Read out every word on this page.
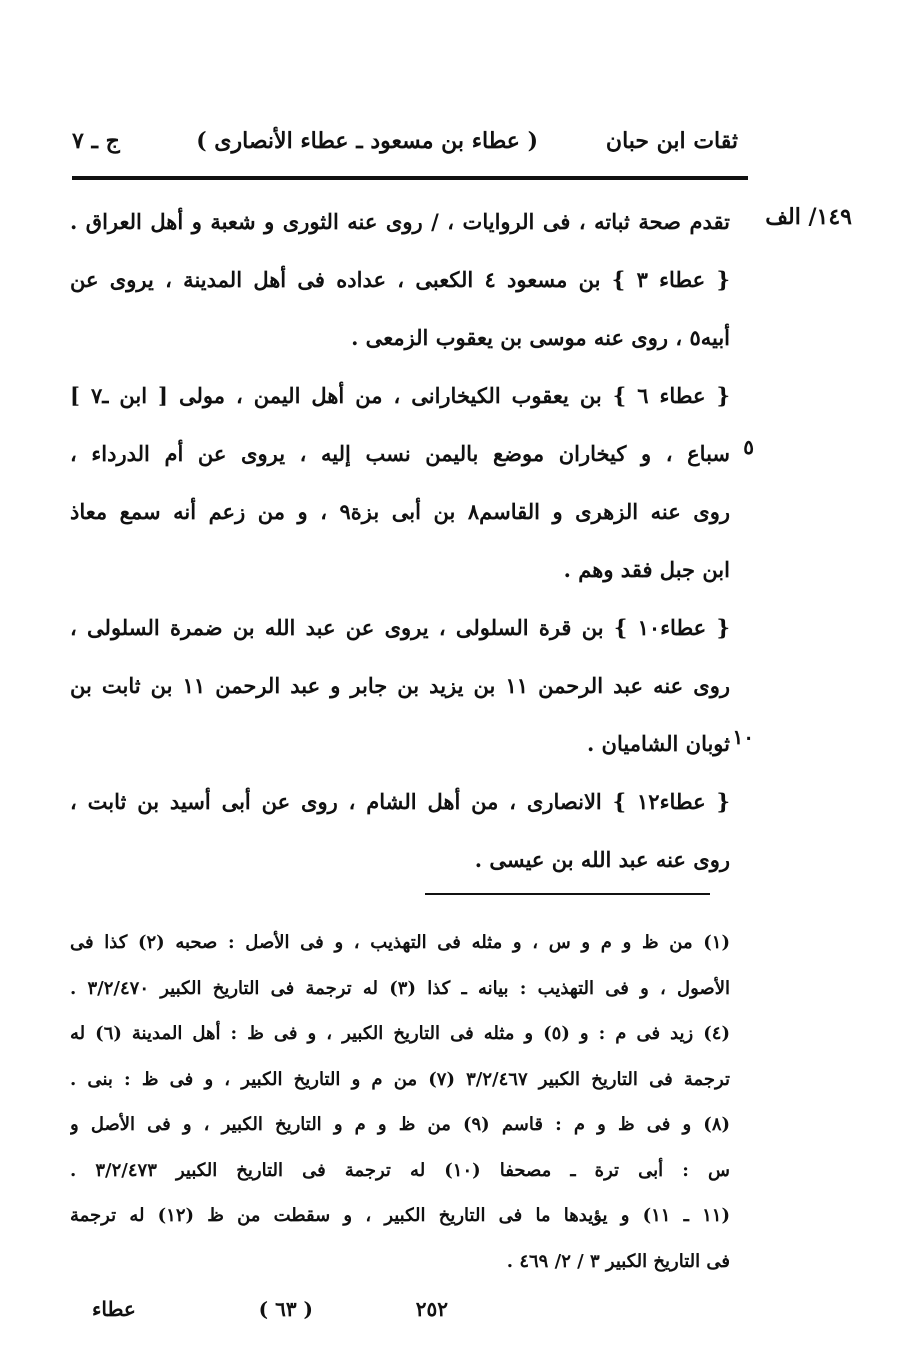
ثقات ابن حبان
( عطاء بن مسعود ـ عطاء الأنصارى )
ج ـ ٧
١٤٩/ الف
٥
١٠
تقدم صحة ثباته ، فى الروايات ، / روى عنه الثورى و شعبة و أهل العراق .
{ عطاء ٣ } بن مسعود ٤ الكعبى ، عداده فى أهل المدينة ، يروى عن
أبيه٥ ، روى عنه موسى بن يعقوب الزمعى .
{ عطاء ٦ } بن يعقوب الكيخارانى ، من أهل اليمن ، مولى [ ابن ـ٧ ]
سباع ، و كيخاران موضع باليمن نسب إليه ، يروى عن أم الدرداء ،
روى عنه الزهرى و القاسم٨ بن أبى بزة٩ ، و من زعم أنه سمع معاذ
ابن جبل فقد وهم .
{ عطاء١٠ } بن قرة السلولى ، يروى عن عبد الله بن ضمرة السلولى ،
روى عنه عبد الرحمن ١١ بن يزيد بن جابر و عبد الرحمن ١١ بن ثابت بن
ثوبان الشاميان .
{ عطاء١٢ } الانصارى ، من أهل الشام ، روى عن أبى أسيد بن ثابت ،
روى عنه عبد الله بن عيسى .
(١) من ظ و م و س ، و مثله فى التهذيب ، و فى الأصل : صحبه (٢) كذا فى
الأصول ، و فى التهذيب : بيانه ـ كذا (٣) له ترجمة فى التاريخ الكبير ٣/٢/٤٧٠ .
(٤) زيد فى م : و (٥) و مثله فى التاريخ الكبير ، و فى ظ : أهل المدينة (٦) له
ترجمة فى التاريخ الكبير ٣/٢/٤٦٧ (٧) من م و التاريخ الكبير ، و فى ظ : بنى .
(٨) و فى ظ و م : قاسم (٩) من ظ و م و التاريخ الكبير ، و فى الأصل و
س : أبى ترة ـ مصحفا (١٠) له ترجمة فى التاريخ الكبير ٣/٢/٤٧٣ .
(١١ ـ ١١) و يؤيدها ما فى التاريخ الكبير ، و سقطت من ظ (١٢) له ترجمة
فى التاريخ الكبير ٣ / ٢/ ٤٦٩ .
٢٥٢
( ٦٣ )
عطاء
